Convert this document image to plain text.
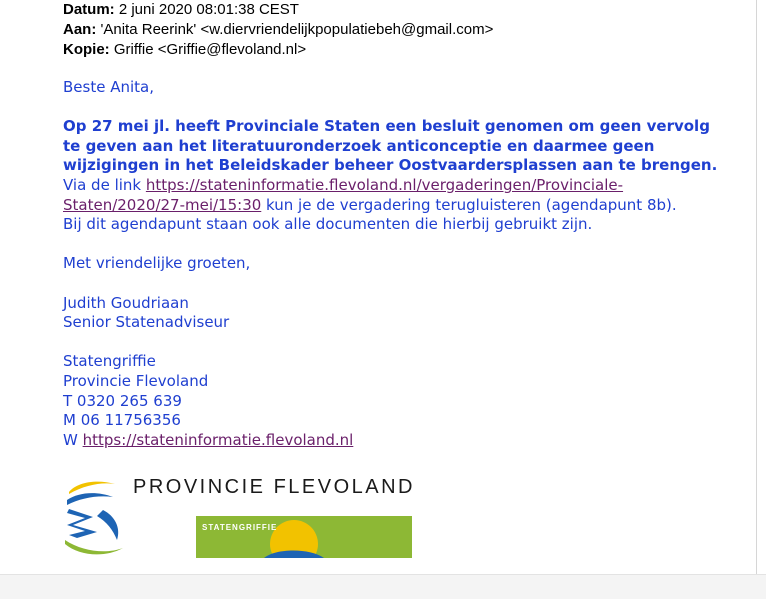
Datum: 2 juni 2020 08:01:38 CEST
Aan: 'Anita Reerink' <w.diervriendelijkpopulatiebeh@gmail.com>
Kopie: Griffie <Griffie@flevoland.nl>

Beste Anita,

Op 27 mei jl. heeft Provinciale Staten een besluit genomen om geen vervolg

te geven aan het literatuuronderzoek anticonceptie en daarmee geen

wijzigingen in het Beleidskader beheer Oostvaardersplassen aan te brengen.

Via de link https://stateninformatie.flevoland.nl/vergaderingen/Provinciale-

Staten/2020/27-mei/15:30 kun je de vergadering terugluisteren (agendapunt 8b).

Bij dit agendapunt staan ook alle documenten die hierbij gebruikt zijn.

Met vriendelijke groeten,

Judith Goudriaan

Senior Statenadviseur

Statengriffie

Provincie Flevoland

T 0320 265 639

M 06 11756356

W https://stateninformatie.flevoland.nl

PROVINCIE FLEVOLAND
STATENGRIFFIE
